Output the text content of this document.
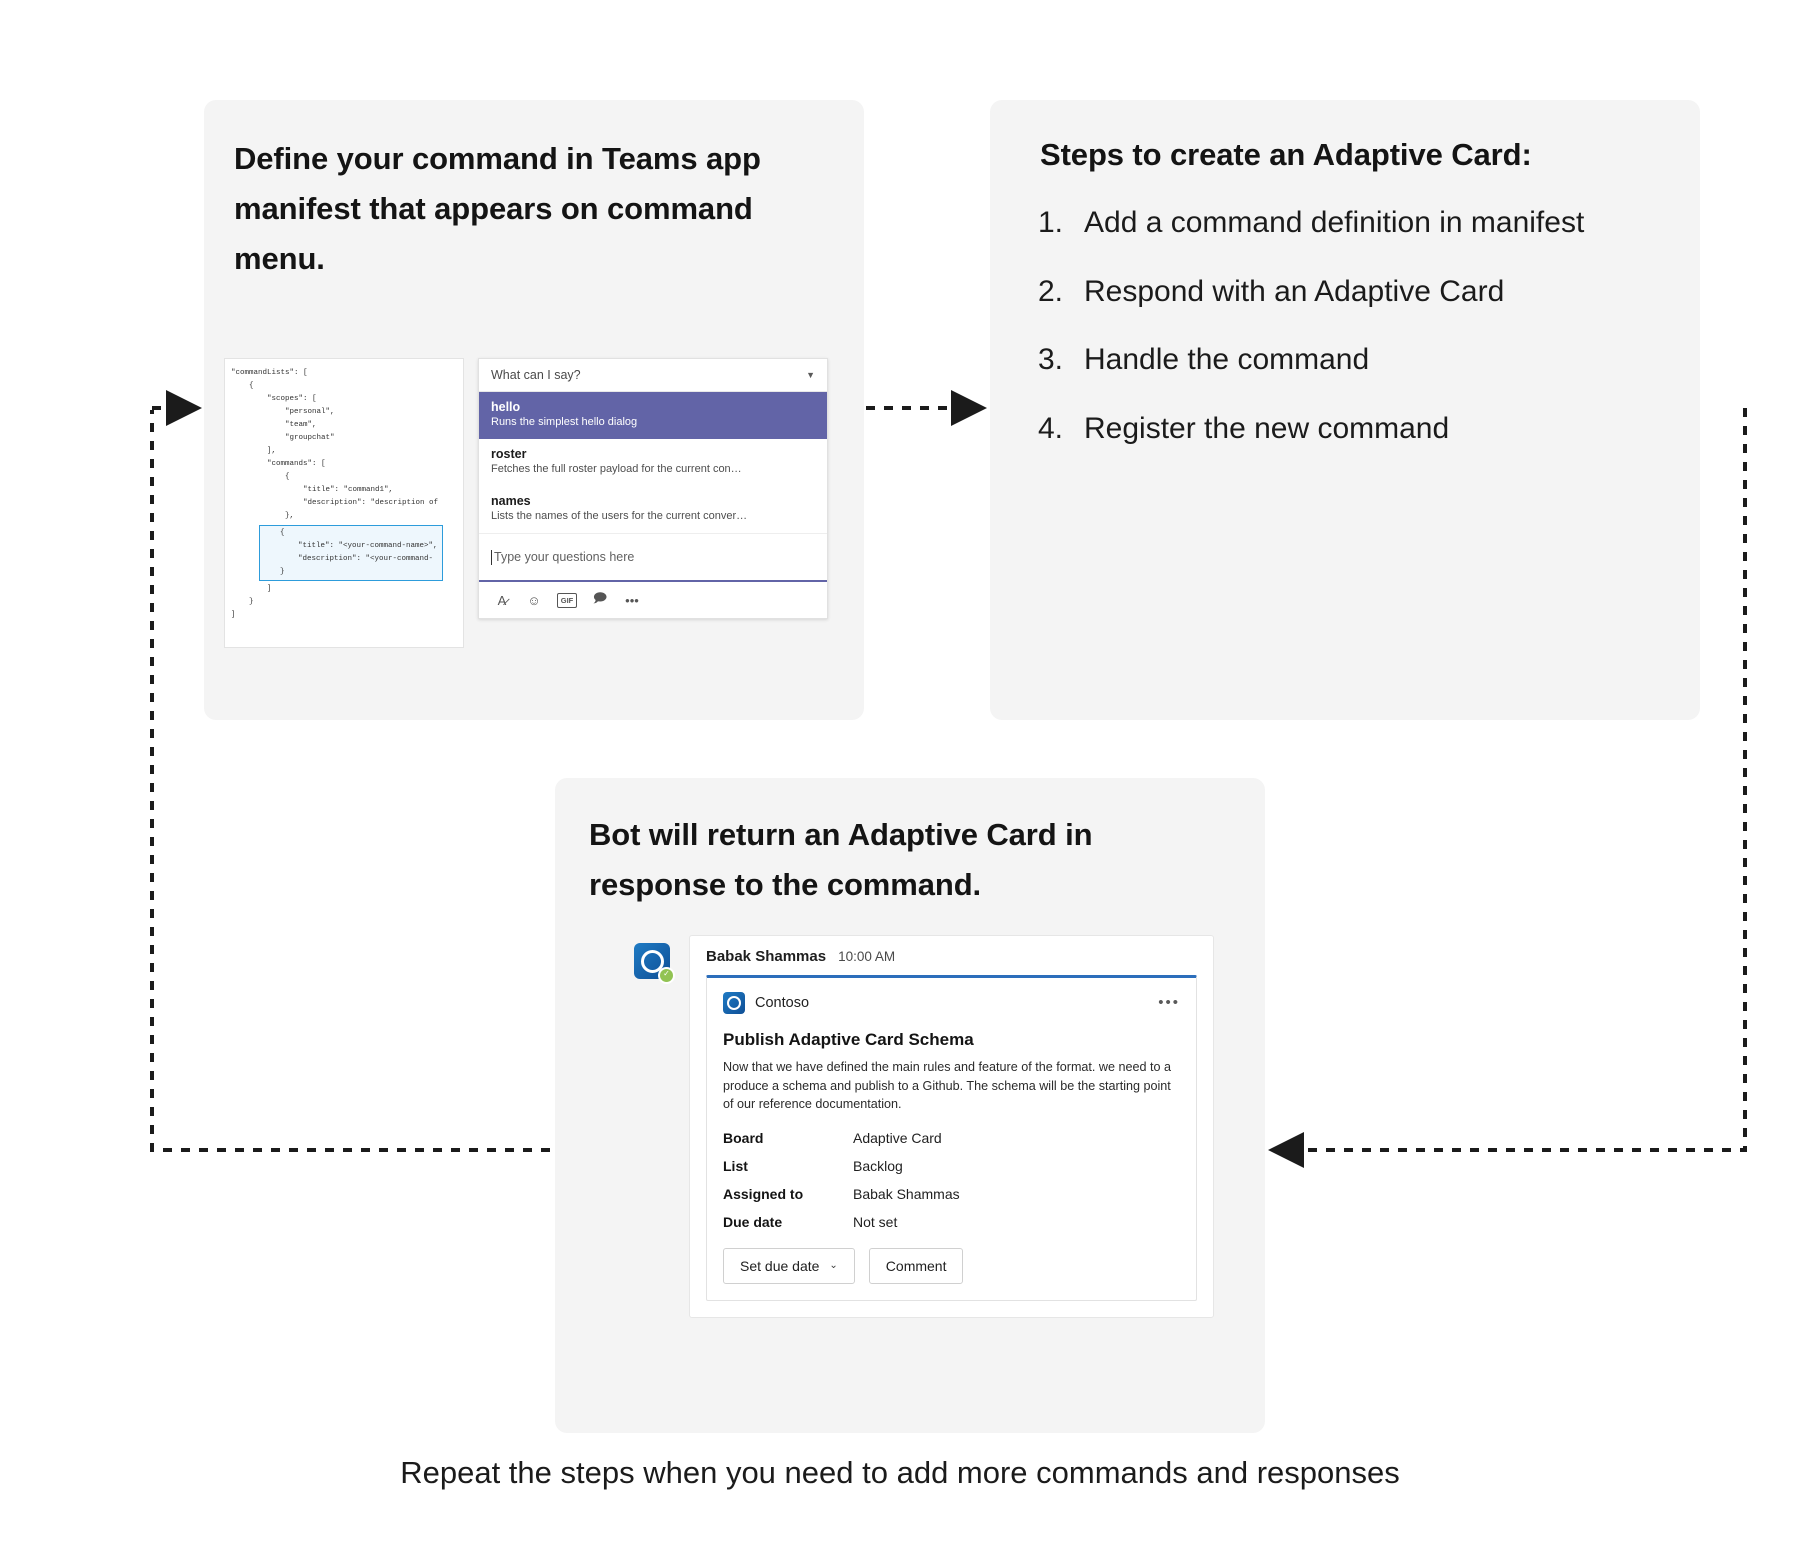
Define your command in Teams app manifest that appears on command menu.
"commandLists": [
{
"scopes": [
"personal",
"team",
"groupchat"
],
"commands": [
{
"title": "command1",
"description": "description of
},
{
"title": "<your-command-name>",
"description": "<your-command-
}
]
}
]
What can I say?	▼
hello
Runs the simplest hello dialog
roster
Fetches the full roster payload for the current con…
names
Lists the names of the users for the current conver…
Type your questions here
A̷	☺	GIF 🗩 •••
Steps to create an Adaptive Card:
1. Add a command definition in manifest
2. Respond with an Adaptive Card
3. Handle the command
4. Register the new command
Bot will return an Adaptive Card in response to the command.
✓
Babak Shammas 10:00 AM
Contoso	•••
Publish Adaptive Card Schema
Now that we have defined the main rules and feature of the format. we need to a produce a schema and publish to a Github. The schema will be the starting point of our reference documentation.
Board	Adaptive Card
List	Backlog
Assigned to	Babak Shammas
Due date	Not set
Set due date ⌄	Comment
Repeat the steps when you need to add more commands and responses
